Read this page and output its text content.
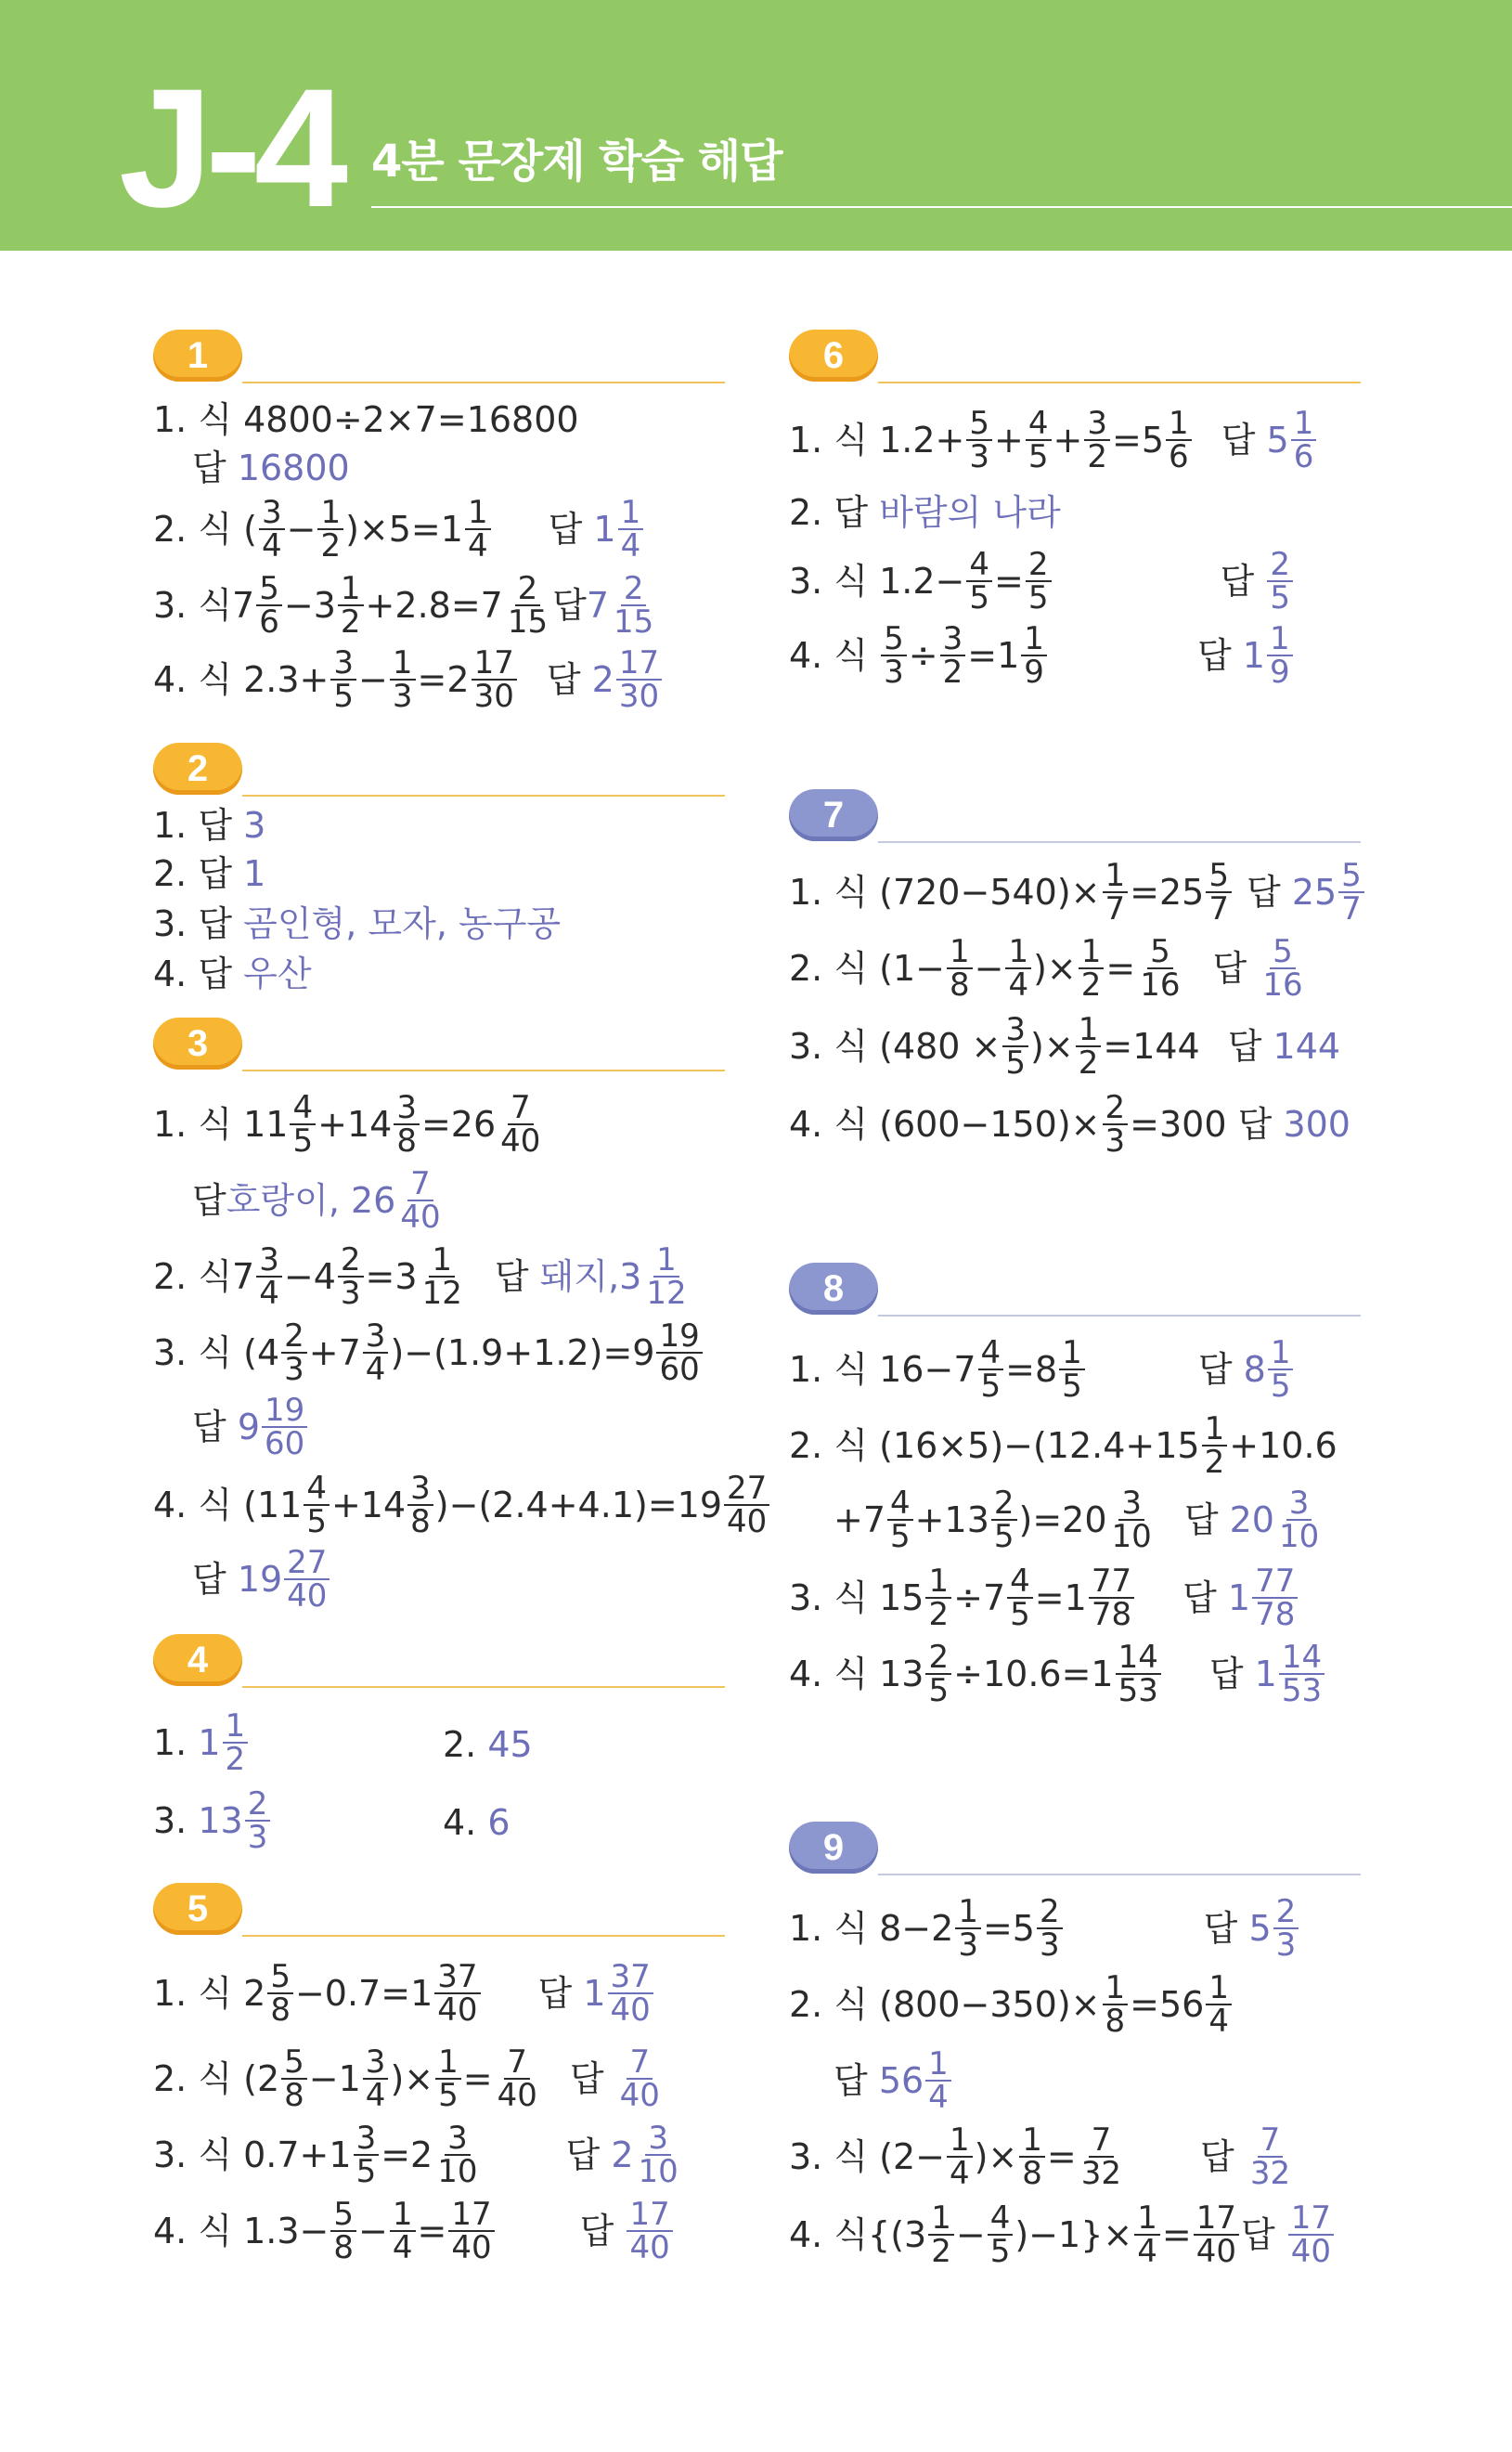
J-4 4분 문장제 학습 해답
1
1. 식 4800÷2×7=16800
답
16800
2. 식 ( $\frac{3}{4} - \frac{1}{2} )\times 5=1 \frac{1}{4}$ 답
$1 \frac{1}{4}$
3. 식$7 \frac{5}{6} -3 \frac{1}{2} +2.8=7 \frac{2}{15}$ 답 $7 \frac{2}{15}$
4. 식 $2.3+ \frac{3}{5} - \frac{1}{3} =2 \frac{17}{30}$ 답
$2 \frac{17}{30}$
2
1. 답
3
2. 답
1
3. 답
곰인형, 모자, 농구공
4. 답
우산
3
1. 식 $11 \frac{4}{5} +14 \frac{3}{8} =26 \frac{7}{40}$
답 호랑이, $26 \frac{7}{40}$
2. 식$7 \frac{3}{4} -4 \frac{2}{3} =3 \frac{1}{12}$ 답
돼지$,3 \frac{1}{12}$
3. 식 $(4 \frac{2}{3} +7 \frac{3}{4} )-(1.9+1.2)=9 \frac{19}{60}$
답
$9 \frac{19}{60}$
4. 식 $(11 \frac{4}{5} +14 \frac{3}{8} )-(2.4+4.1)=19 \frac{27}{40}$
답
$19 \frac{27}{40}$
4
1.
$1 \frac{1}{2}$	2.
45
3.
$13 \frac{2}{3}$	4.
6
5
1. 식 $2 \frac{5}{8} -0.7=1 \frac{37}{40}$ 답
$1 \frac{37}{40}$
2. 식 ($2 \frac{5}{8} -1 \frac{3}{4}$ )× $\frac{1}{5} = \frac{7}{40}$ 답
$\frac{7}{40}$
3. 식 $0.7+1 \frac{3}{5} =2 \frac{3}{10}$ 답
$2 \frac{3}{10}$
4. 식 $1.3- \frac{5}{8} - \frac{1}{4} = \frac{17}{40}$ 답
$\frac{17}{40}$
6
1. 식 $1.2+ \frac{5}{3} + \frac{4}{5} + \frac{3}{2} =5 \frac{1}{6}$ 답
$5 \frac{1}{6}$
2. 답
바람의 나라
3. 식 $1.2- \frac{4}{5} = \frac{2}{5}$	답
$\frac{2}{5}$
4. 식
$\frac{5}{3} \div \frac{3}{2} =1 \frac{1}{9}$	답
$1 \frac{1}{9}$
7
1. 식 $(720-540)\times \frac{1}{7} =25 \frac{5}{7}$ 답
$25 \frac{5}{7}$
2. 식 ($1- \frac{1}{8} - \frac{1}{4}$ )× $\frac{1}{2} = \frac{5}{16}$ 답
$\frac{5}{16}$
3. 식 ($480 \times \frac{3}{5}$ )× $\frac{1}{2} =144$ 답
144
4. 식 $(600-150)\times \frac{2}{3} =300$
답
300
8
1. 식 $16-7 \frac{4}{5} =8 \frac{1}{5}$	답
$8 \frac{1}{5}$
2. 식 $(16\times 5)-(12.4+15 \frac{1}{2} +10.6$
$+7 \frac{4}{5} +13 \frac{2}{5} )=20 \frac{3}{10}$ 답
$20 \frac{3}{10}$
3. 식 $15 \frac{1}{2} \div 7 \frac{4}{5} =1 \frac{77}{78}$ 답
$1 \frac{77}{78}$
4. 식 $13 \frac{2}{5} \div 10.6=1 \frac{14}{53}$ 답
$1 \frac{14}{53}$
9
1. 식 $8-2 \frac{1}{3} =5 \frac{2}{3}$	답
$5 \frac{2}{3}$
2. 식 $(800-350)\times \frac{1}{8} =56 \frac{1}{4}$
답
$56 \frac{1}{4}$
3. 식 ($2- \frac{1}{4}$ )× $\frac{1}{8} = \frac{7}{32}$ 답
$\frac{7}{32}$
4. 식$\{(3 \frac{1}{2} - \frac{4}{5} )-1\}\times \frac{1}{4} = \frac{17}{40}$ 답
$\frac{17}{40}$
